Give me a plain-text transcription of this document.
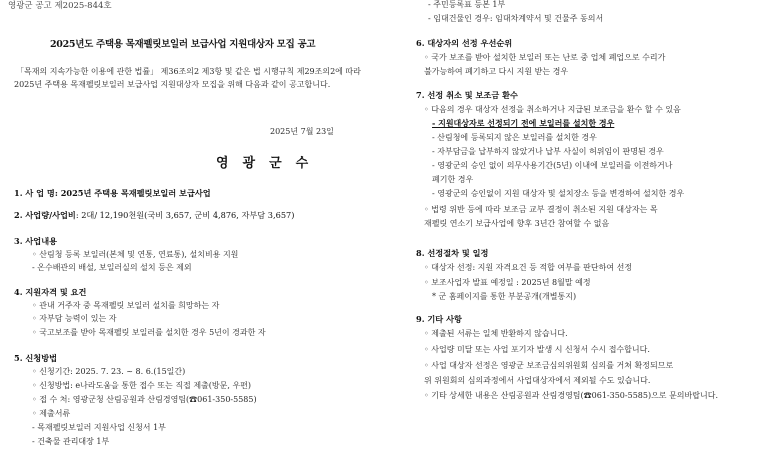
영광군 공고 제2025-844호
2025년도 주택용 목재펠릿보일러 보급사업 지원대상자 모집 공고
「목재의 지속가능한 이용에 관한 법률」 제36조의2 제3항 및 같은 법 시행규칙 제29조의2에 따라 2025년 주택용 목재펠릿보일러 보급사업 지원대상자 모집을 위해 다음과 같이 공고합니다.
2025년 7월 23일
영광군수
1. 사 업 명: 2025년 주택용 목재펠릿보일러 보급사업
2. 사업량/사업비: 2대/ 12,190천원(국비 3,657, 군비 4,876, 자부담 3,657)
3. 사업내용
◦ 산림청 등록 보일러(본체 및 연통, 연료통), 설치비용 지원
- 온수배관의 배설, 보일러실의 설치 등은 제외
4. 지원자격 및 요건
◦ 관내 거주자 중 목재펠릿 보일러 설치를 희망하는 자
◦ 자부담 능력이 있는 자
◦ 국고보조를 받아 목재펠릿 보일러를 설치한 경우 5년이 경과한 자
5. 신청방법
◦ 신청기간: 2025. 7. 23. ~ 8. 6.(15일간)
◦ 신청방법: e나라도움을 통한 접수 또는 직접 제출(방문, 우편)
◦ 접 수 처: 영광군청 산림공원과 산림경영팀(☎061-350-5585)
◦ 제출서류
- 목재펠릿보일러 지원사업 신청서 1부
- 건축물 관리대장 1부
- 주민등록표 등본 1부
- 임대건물인 경우: 임대차계약서 및 건물주 동의서
6. 대상자의 선정 우선순위
◦ 국가 보조를 받아 설치한 보일러 또는 난로 중 업체 폐업으로 수리가
불가능하여 폐기하고 다시 지원 받는 경우
7. 선정 취소 및 보조금 환수
◦ 다음의 경우 대상자 선정을 취소하거나 지급된 보조금을 환수 할 수 있음
- 지원대상자로 선정되기 전에 보일러를 설치한 경우
- 산림청에 등록되지 않은 보일러를 설치한 경우
- 자부담금을 납부하지 않았거나 납부 사실이 허위임이 판명된 경우
- 영광군의 승인 없이 의무사용기간(5년) 이내에 보일러를 이전하거나
폐기한 경우
- 영광군의 승인없이 지원 대상자 및 설치장소 등을 변경하여 설치한 경우
◦ 법령 위반 등에 따라 보조금 교부 결정이 취소된 지원 대상자는 목
재펠릿 연소기 보급사업에 향후 3년간 참여할 수 없음
8. 선정절차 및 일정
◦ 대상자 선정: 지원 자격요건 등 적합 여부를 판단하여 선정
◦ 보조사업자 발표 예정일 : 2025년 8월말 예정
* 군 홈페이지를 통한 부분공개(개별통지)
9. 기타 사항
◦ 제출된 서류는 일체 반환하지 않습니다.
◦ 사업량 미달 또는 사업 포기자 발생 시 신청서 수시 접수합니다.
◦ 사업 대상자 선정은 영광군 보조금심의위원회 심의를 거쳐 확정되므로
위 위원회의 심의과정에서 사업대상자에서 제외될 수도 있습니다.
◦ 기타 상세한 내용은 산림공원과 산림경영팀(☎061-350-5585)으로 문의바랍니다.
